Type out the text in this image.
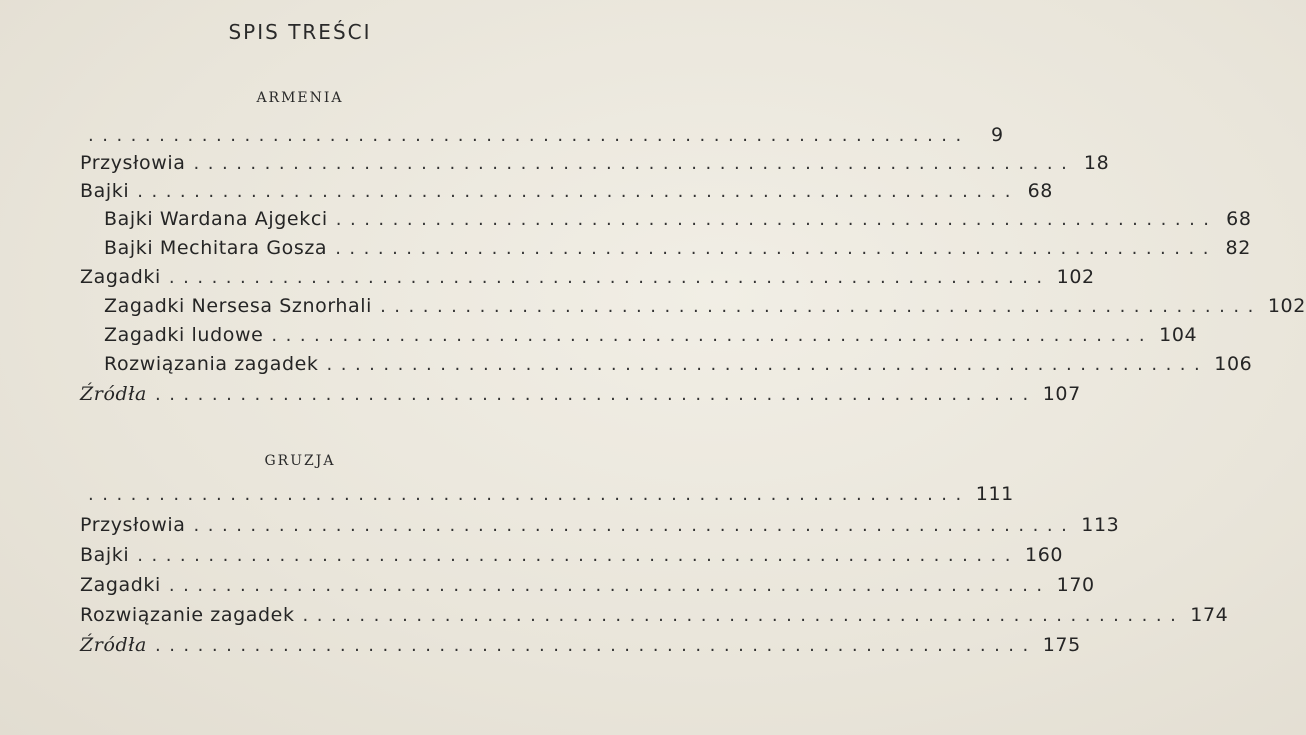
SPIS TREŚCI
ARMENIA
..............................................................	9
Przysłowia .............................................................. 18
Bajki .............................................................. 68
Bajki Wardana Ajgekci .............................................................. 68
Bajki Mechitara Gosza .............................................................. 82
Zagadki .............................................................. 102
Zagadki Nersesa Sznorhali .............................................................. 102
Zagadki ludowe .............................................................. 104
Rozwiązania zagadek .............................................................. 106
Źródła .............................................................. 107
GRUZJA
.............................................................. 111
Przysłowia .............................................................. 113
Bajki .............................................................. 160
Zagadki .............................................................. 170
Rozwiązanie zagadek .............................................................. 174
Źródła .............................................................. 175
